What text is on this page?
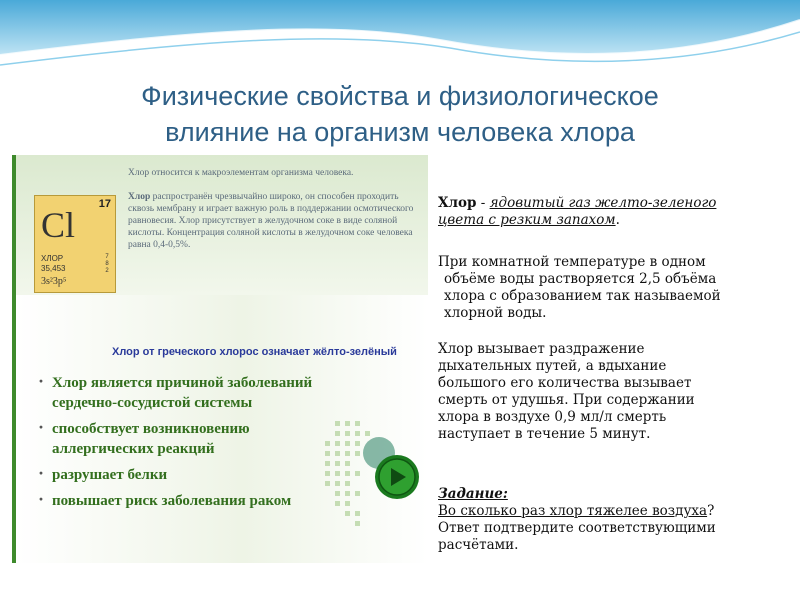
Физические свойства и физиологическое
влияние на организм человека хлора
17
Cl
ХЛОР
35,453
3s²3p⁵
7 8 2

Хлор относится к макроэлементам организма человека.

Хлор распространён чрезвычайно широко, он способен проходить сквозь мембрану и играет важную роль в поддержании осмотического равновесия. Хлор присутствует в желудочном соке в виде соляной кислоты. Концентрация соляной кислоты в желудочном соке человека равна 0,4-0,5%.

Хлор от греческого хлорос означает жёлто-зелёный

· Хлор является причиной заболеваний сердечно-сосудистой системы
· способствует возникновению аллергических реакций
· разрушает белки
· повышает риск заболевания раком

Хлор - ядовитый газ желто-зеленого цвета с резким запахом.

При комнатной температуре в одном объёме воды растворяется 2,5 объёма хлора с образованием так называемой хлорной воды.

Хлор вызывает раздражение дыхательных путей, а вдыхание большого его количества вызывает смерть от удушья. При содержании хлора в воздухе 0,9 мл/л смерть наступает в течение 5 минут.

Задание:

Во сколько раз хлор тяжелее воздуха?
Ответ подтвердите соответствующими расчётами.
